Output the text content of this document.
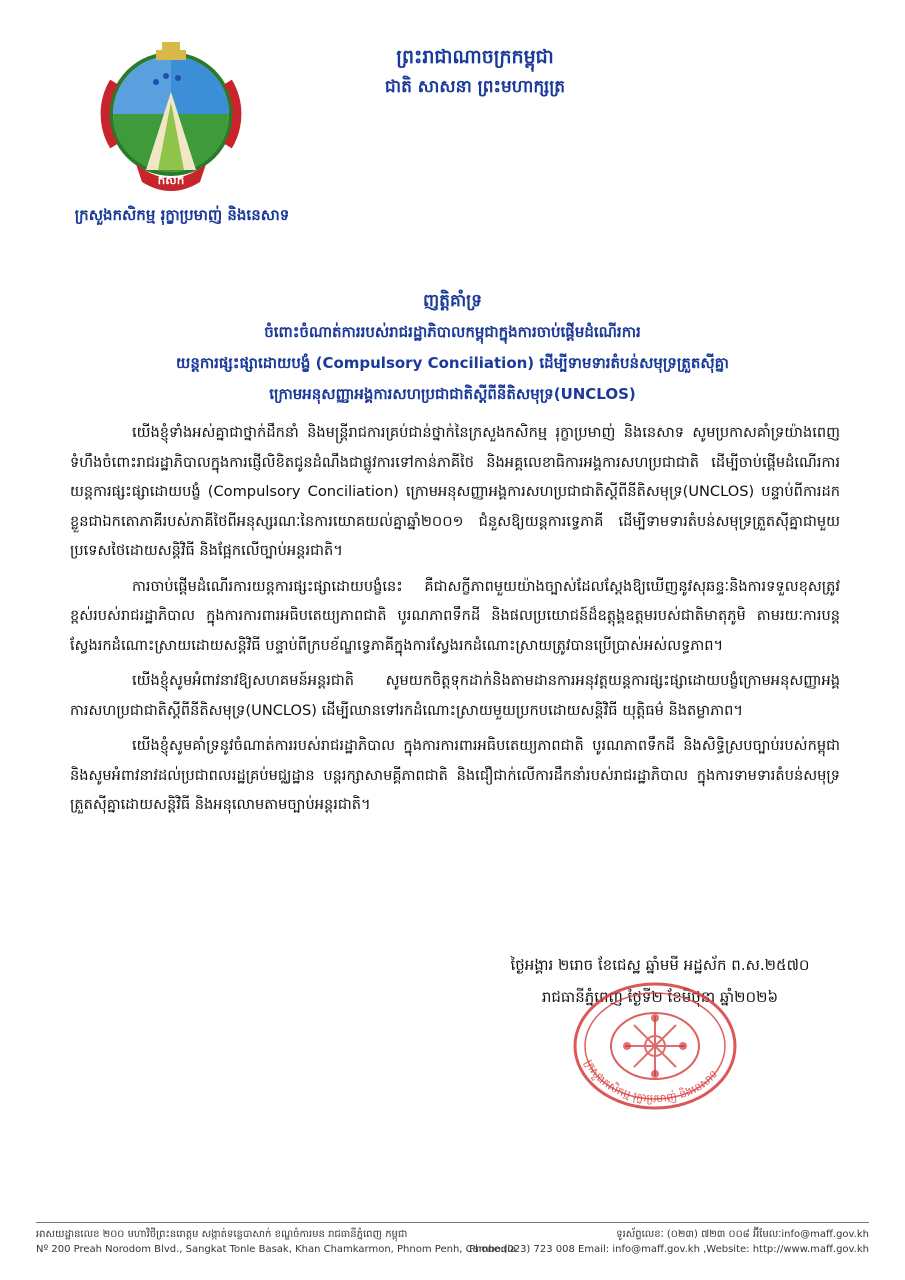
កសក
ក្រសួងកសិកម្ម រុក្ខាប្រមាញ់ និងនេសាទ
ព្រះរាជាណាចក្រកម្ពុជា
ជាតិ សាសនា ព្រះមហាក្សត្រ
ញត្តិគាំទ្រ
ចំពោះចំណាត់ការរបស់រាជរដ្ឋាភិបាលកម្ពុជាក្នុងការចាប់ផ្ដើមដំណើរការ
យន្តការផ្សះផ្សាដោយបង្ខំ (Compulsory Conciliation) ដើម្បីទាមទារតំបន់សមុទ្រត្រួតស៊ីគ្នា
ក្រោមអនុសញ្ញាអង្គការសហប្រជាជាតិស្ដីពីនីតិសមុទ្រ(UNCLOS)

យើងខ្ញុំទាំងអស់គ្នាជាថ្នាក់ដឹកនាំ និងមន្ត្រីរាជការគ្រប់ជាន់ថ្នាក់នៃក្រសួងកសិកម្ម រុក្ខាប្រមាញ់ និងនេសាទ សូមប្រកាសគាំទ្រយ៉ាងពេញទំហឹងចំពោះរាជរដ្ឋាភិបាលក្នុងការផ្ញើលិខិតជូនដំណឹងជាផ្លូវការទៅកាន់ភាគីថៃ និងអគ្គលេខាធិការអង្គការសហប្រជាជាតិ ដើម្បីចាប់ផ្ដើមដំណើរការយន្តការផ្សះផ្សាដោយបង្ខំ (Compulsory Conciliation) ក្រោមអនុសញ្ញាអង្គការសហប្រជាជាតិស្ដីពីនីតិសមុទ្រ(UNCLOS) បន្ទាប់ពីការដកខ្លួនជាឯកតោភាគីរបស់ភាគីថៃពីអនុស្សរណៈនៃការយោគយល់គ្នាឆ្នាំ២០០១ ជំនួសឱ្យយន្តការទ្វេភាគី ដើម្បីទាមទារតំបន់សមុទ្រត្រួតស៊ីគ្នាជាមួយប្រទេសថៃដោយសន្តិវិធី និងផ្អែកលើច្បាប់អន្តរជាតិ។

ការចាប់ផ្ដើមដំណើរការយន្តការផ្សះផ្សាដោយបង្ខំនេះ គឺជាសក្ខីភាពមួយយ៉ាងច្បាស់ដែលស្ដែងឱ្យឃើញនូវសុឆន្ទៈនិងការទទួលខុសត្រូវខ្ពស់របស់រាជរដ្ឋាភិបាល ក្នុងការការពារអធិបតេយ្យភាពជាតិ បូរណភាពទឹកដី និងផលប្រយោជន៍ដ៏ឧត្តុង្គឧត្តមរបស់ជាតិមាតុភូមិ តាមរយៈការបន្តស្វែងរកដំណោះស្រាយដោយសន្តិវិធី បន្ទាប់ពីក្របខ័ណ្ឌទ្វេភាគីក្នុងការស្វែងរកដំណោះស្រាយត្រូវបានប្រើប្រាស់អស់លទ្ធភាព។

យើងខ្ញុំសូមអំពាវនាវឱ្យសហគមន៍អន្តរជាតិ សូមយកចិត្តទុកដាក់និងតាមដានការអនុវត្តយន្តការផ្សះផ្សាដោយបង្ខំក្រោមអនុសញ្ញាអង្គការសហប្រជាជាតិស្ដីពីនីតិសមុទ្រ(UNCLOS) ដើម្បីឈានទៅរកដំណោះស្រាយមួយប្រកបដោយសន្តិវិធី យុត្តិធម៌ និងតម្លាភាព។

យើងខ្ញុំសូមគាំទ្រនូវចំណាត់ការរបស់រាជរដ្ឋាភិបាល ក្នុងការការពារអធិបតេយ្យភាពជាតិ បូរណភាពទឹកដី និងសិទ្ធិស្របច្បាប់របស់កម្ពុជា និងសូមអំពាវនាវដល់ប្រជាពលរដ្ឋគ្រប់មជ្ឈដ្ឋាន បន្តរក្សាសាមគ្គីភាពជាតិ និងជឿជាក់លើការដឹកនាំរបស់រាជរដ្ឋាភិបាល ក្នុងការទាមទារតំបន់សមុទ្រត្រួតស៊ីគ្នាដោយសន្តិវិធី និងអនុលោមតាមច្បាប់អន្តរជាតិ។

ថ្ងៃអង្គារ ២រោច ខែជេស្ឋ ឆ្នាំមមី អដ្ឋស័ក ព.ស.២៥៧០
រាជធានីភ្នំពេញ ថ្ងៃទី២ ខែមិថុនា ឆ្នាំ២០២៦
ក្រសួងកសិកម្ម រុក្ខាប្រមាញ់ និងនេសាទ
អាសយដ្ឋានលេខ ២០០ មហាវិថីព្រះនរោត្តម សង្កាត់ទន្លេបាសាក់ ខណ្ឌចំការមន រាជធានីភ្នំពេញ កម្ពុជា	ទូរស័ព្ទលេខៈ (០២៣) ៧២៣ ០០៨ អ៊ីមែលៈinfo@maff.gov.kh
Nº 200 Preah Norodom Blvd., Sangkat Tonle Basak, Khan Chamkarmon, Phnom Penh, Cambodia
Phone:(023) 723 008 Email: info@maff.gov.kh ,Website: http://www.maff.gov.kh
